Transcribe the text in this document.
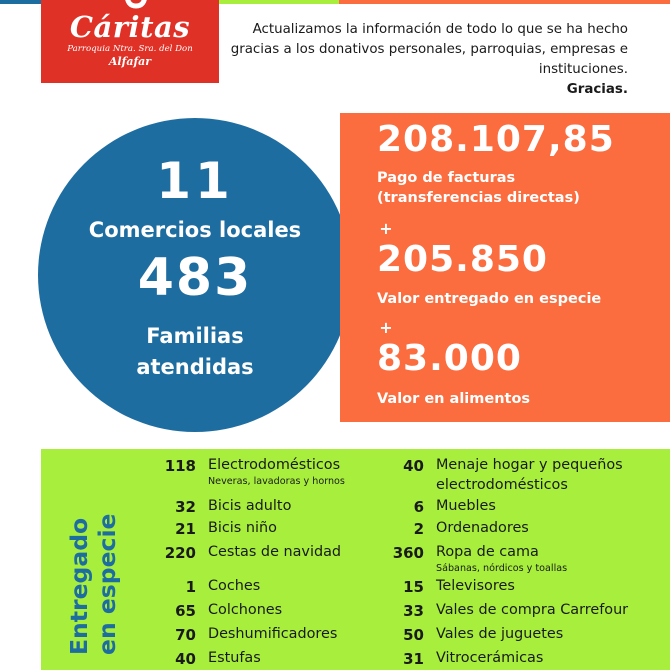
Cáritas
Parroquia Ntra. Sra. del Don
Alfafar
Actualizamos la información de todo lo que se ha hecho gracias a los donativos personales, parroquias, empresas e instituciones.
Gracias.
11
Comercios locales
483
Familias
atendidas
208.107,85
Pago de facturas
(transferencias directas)
+
205.850
Valor entregado en especie
+
83.000
Valor en alimentos
Entregado en especie
118 Electrodomésticos
Neveras, lavadoras y hornos
32 Bicis adulto
21 Bicis niño
220 Cestas de navidad
1 Coches
65 Colchones
70 Deshumificadores
40 Estufas
40 Menaje hogar y pequeños
electrodomésticos
6 Muebles
2 Ordenadores
360 Ropa de cama
Sábanas, nórdicos y toallas
15 Televisores
33 Vales de compra Carrefour
50 Vales de juguetes
31 Vitrocerámicas
